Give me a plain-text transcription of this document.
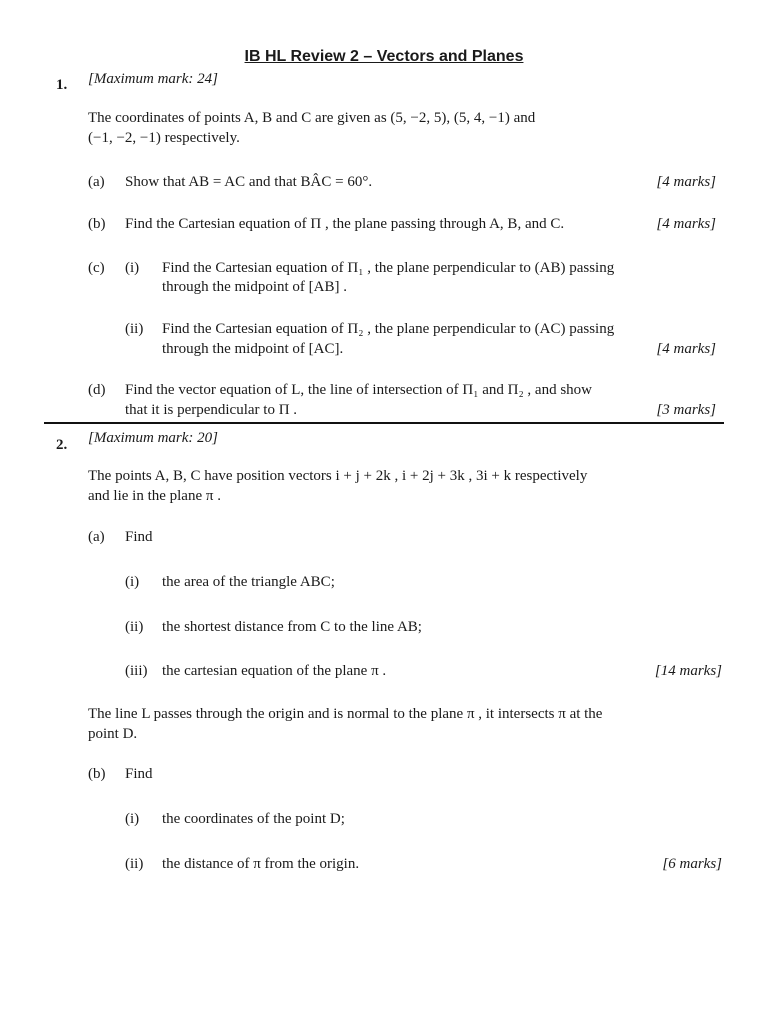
IB HL Review 2 – Vectors and Planes
1. [Maximum mark: 24]
The coordinates of points A, B and C are given as (5, −2, 5), (5, 4, −1) and
(−1, −2, −1) respectively.
(a) Show that AB = AC and that BÂC = 60°.	[4 marks]
(b) Find the Cartesian equation of Π , the plane passing through A, B, and C.	[4 marks]
(c) (i) Find the Cartesian equation of Π₁ , the plane perpendicular to (AB) passing
through the midpoint of [AB] .
(ii) Find the Cartesian equation of Π₂ , the plane perpendicular to (AC) passing
through the midpoint of [AC].	[4 marks]
(d) Find the vector equation of L, the line of intersection of Π₁ and Π₂ , and show
that it is perpendicular to Π .	[3 marks]
2. [Maximum mark: 20]
The points A, B, C have position vectors i + j + 2k , i + 2j + 3k , 3i + k respectively
and lie in the plane π .
(a) Find
(i) the area of the triangle ABC;
(ii) the shortest distance from C to the line AB;
(iii) the cartesian equation of the plane π .	[14 marks]
The line L passes through the origin and is normal to the plane π , it intersects π at the
point D.
(b) Find
(i) the coordinates of the point D;
(ii) the distance of π from the origin.	[6 marks]
